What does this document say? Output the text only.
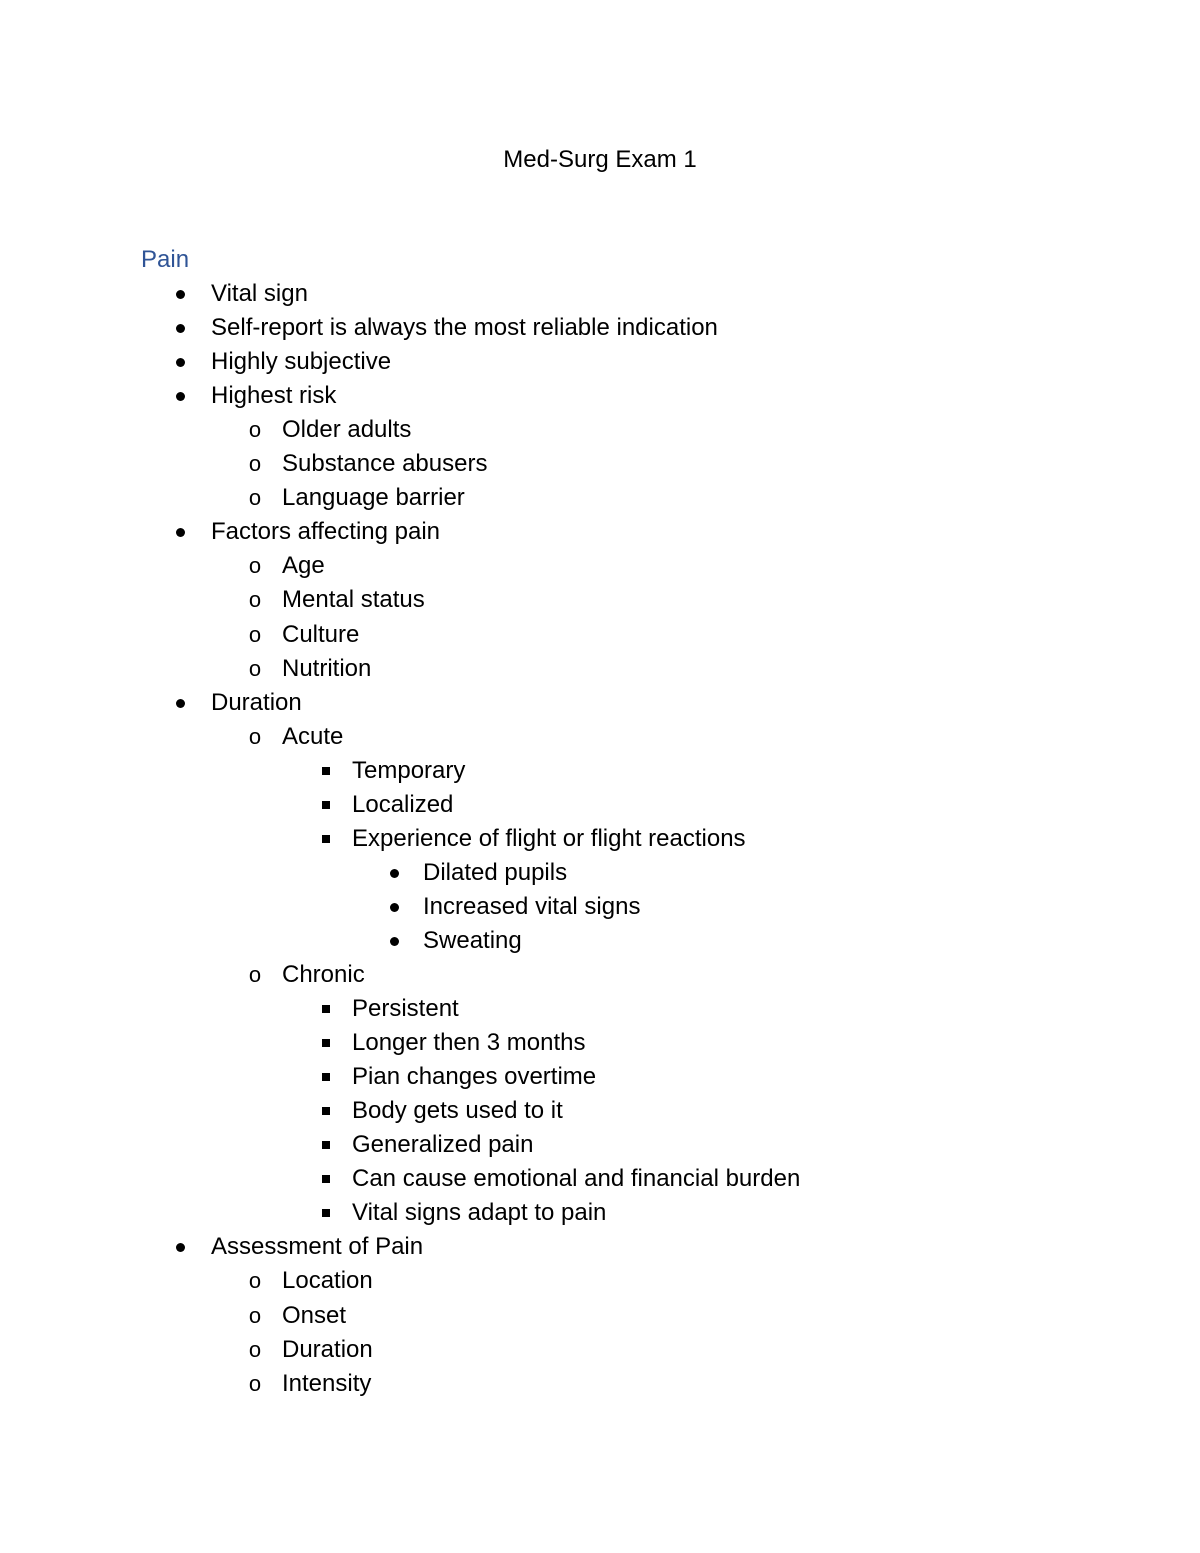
Med-Surg Exam 1
Pain
Vital sign
Self-report is always the most reliable indication
Highly subjective
Highest risk
o Older adults
o Substance abusers
o Language barrier
Factors affecting pain
o Age
o Mental status
o Culture
o Nutrition
Duration
o Acute
Temporary
Localized
Experience of flight or flight reactions
Dilated pupils
Increased vital signs
Sweating
o Chronic
Persistent
Longer then 3 months
Pian changes overtime
Body gets used to it
Generalized pain
Can cause emotional and financial burden
Vital signs adapt to pain
Assessment of Pain
o Location
o Onset
o Duration
o Intensity
